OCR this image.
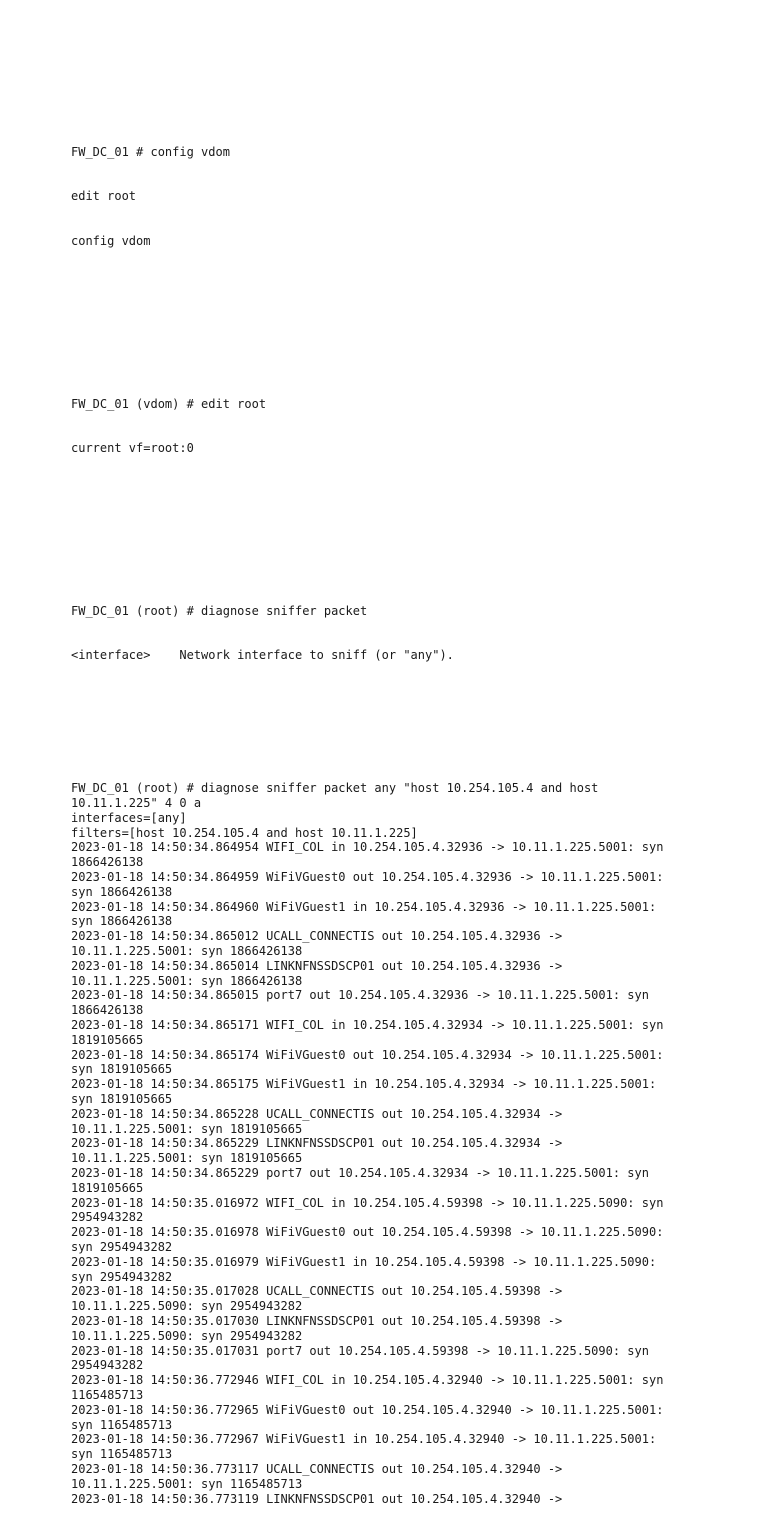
FW_DC_01 # config vdom

edit root

config vdom

FW_DC_01 (vdom) # edit root

current vf=root:0

FW_DC_01 (root) # diagnose sniffer packet

<interface>    Network interface to sniff (or "any").

FW_DC_01 (root) # diagnose sniffer packet any "host 10.254.105.4 and host
10.11.1.225" 4 0 a
interfaces=[any]
filters=[host 10.254.105.4 and host 10.11.1.225]
2023-01-18 14:50:34.864954 WIFI_COL in 10.254.105.4.32936 -> 10.11.1.225.5001: syn
1866426138
2023-01-18 14:50:34.864959 WiFiVGuest0 out 10.254.105.4.32936 -> 10.11.1.225.5001:
syn 1866426138
2023-01-18 14:50:34.864960 WiFiVGuest1 in 10.254.105.4.32936 -> 10.11.1.225.5001:
syn 1866426138
2023-01-18 14:50:34.865012 UCALL_CONNECTIS out 10.254.105.4.32936 ->
10.11.1.225.5001: syn 1866426138
2023-01-18 14:50:34.865014 LINKNFNSSDSCP01 out 10.254.105.4.32936 ->
10.11.1.225.5001: syn 1866426138
2023-01-18 14:50:34.865015 port7 out 10.254.105.4.32936 -> 10.11.1.225.5001: syn
1866426138
2023-01-18 14:50:34.865171 WIFI_COL in 10.254.105.4.32934 -> 10.11.1.225.5001: syn
1819105665
2023-01-18 14:50:34.865174 WiFiVGuest0 out 10.254.105.4.32934 -> 10.11.1.225.5001:
syn 1819105665
2023-01-18 14:50:34.865175 WiFiVGuest1 in 10.254.105.4.32934 -> 10.11.1.225.5001:
syn 1819105665
2023-01-18 14:50:34.865228 UCALL_CONNECTIS out 10.254.105.4.32934 ->
10.11.1.225.5001: syn 1819105665
2023-01-18 14:50:34.865229 LINKNFNSSDSCP01 out 10.254.105.4.32934 ->
10.11.1.225.5001: syn 1819105665
2023-01-18 14:50:34.865229 port7 out 10.254.105.4.32934 -> 10.11.1.225.5001: syn
1819105665
2023-01-18 14:50:35.016972 WIFI_COL in 10.254.105.4.59398 -> 10.11.1.225.5090: syn
2954943282
2023-01-18 14:50:35.016978 WiFiVGuest0 out 10.254.105.4.59398 -> 10.11.1.225.5090:
syn 2954943282
2023-01-18 14:50:35.016979 WiFiVGuest1 in 10.254.105.4.59398 -> 10.11.1.225.5090:
syn 2954943282
2023-01-18 14:50:35.017028 UCALL_CONNECTIS out 10.254.105.4.59398 ->
10.11.1.225.5090: syn 2954943282
2023-01-18 14:50:35.017030 LINKNFNSSDSCP01 out 10.254.105.4.59398 ->
10.11.1.225.5090: syn 2954943282
2023-01-18 14:50:35.017031 port7 out 10.254.105.4.59398 -> 10.11.1.225.5090: syn
2954943282
2023-01-18 14:50:36.772946 WIFI_COL in 10.254.105.4.32940 -> 10.11.1.225.5001: syn
1165485713
2023-01-18 14:50:36.772965 WiFiVGuest0 out 10.254.105.4.32940 -> 10.11.1.225.5001:
syn 1165485713
2023-01-18 14:50:36.772967 WiFiVGuest1 in 10.254.105.4.32940 -> 10.11.1.225.5001:
syn 1165485713
2023-01-18 14:50:36.773117 UCALL_CONNECTIS out 10.254.105.4.32940 ->
10.11.1.225.5001: syn 1165485713
2023-01-18 14:50:36.773119 LINKNFNSSDSCP01 out 10.254.105.4.32940 ->
